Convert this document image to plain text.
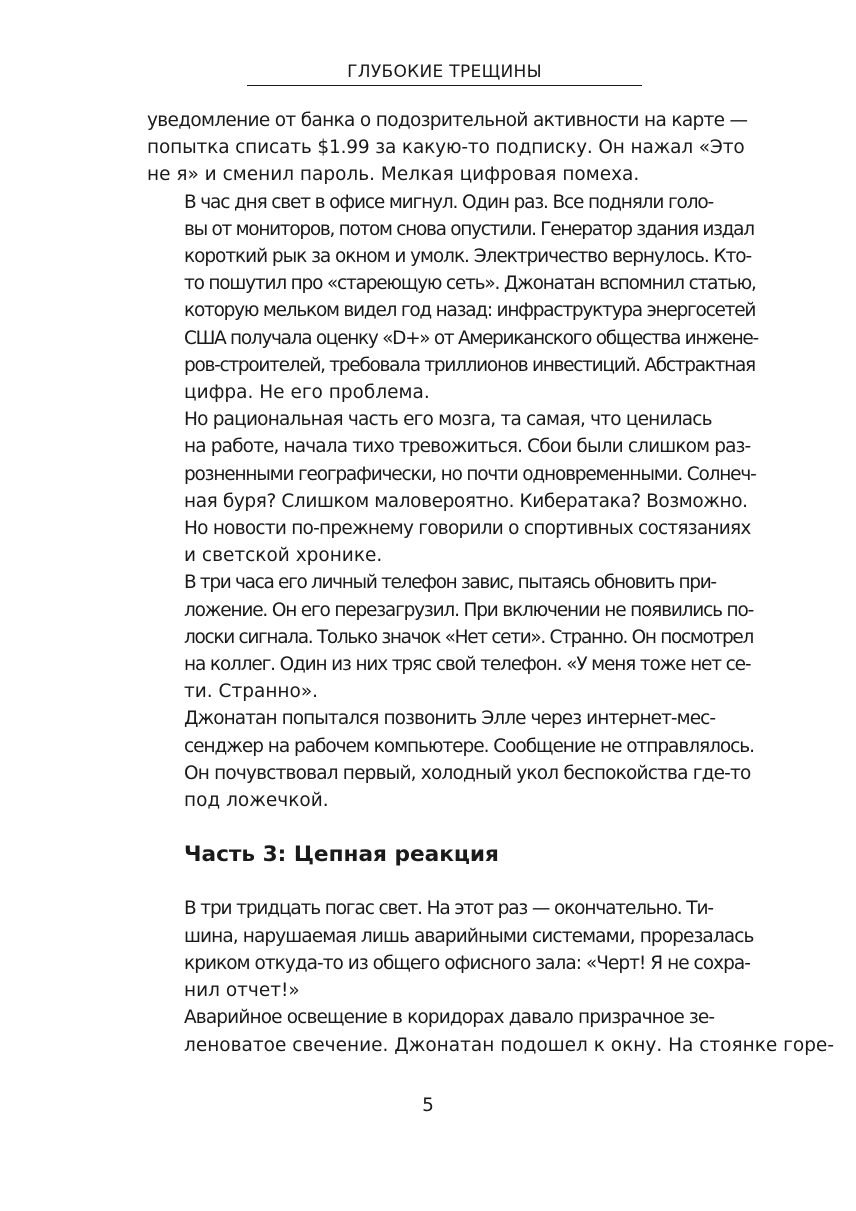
ГЛУБОКИЕ ТРЕЩИНЫ

уведомление от банка о подозрительной активности на карте —
попытка списать $1.99 за какую-то подписку. Он нажал «Это
не я» и сменил пароль. Мелкая цифровая помеха.

В час дня свет в офисе мигнул. Один раз. Все подняли голо-
вы от мониторов, потом снова опустили. Генератор здания издал
короткий рык за окном и умолк. Электричество вернулось. Кто-
то пошутил про «стареющую сеть». Джонатан вспомнил статью,
которую мельком видел год назад: инфраструктура энергосетей
США получала оценку «D+» от Американского общества инжене-
ров-строителей, требовала триллионов инвестиций. Абстрактная
цифра. Не его проблема.

Но рациональная часть его мозга, та самая, что ценилась
на работе, начала тихо тревожиться. Сбои были слишком раз-
розненными географически, но почти одновременными. Солнеч-
ная буря? Слишком маловероятно. Кибератака? Возможно.
Но новости по-прежнему говорили о спортивных состязаниях
и светской хронике.

В три часа его личный телефон завис, пытаясь обновить при-
ложение. Он его перезагрузил. При включении не появились по-
лоски сигнала. Только значок «Нет сети». Странно. Он посмотрел
на коллег. Один из них тряс свой телефон. «У меня тоже нет се-
ти. Странно».

Джонатан попытался позвонить Элле через интернет-мес-
сенджер на рабочем компьютере. Сообщение не отправлялось.
Он почувствовал первый, холодный укол беспокойства где-то
под ложечкой.

Часть 3: Цепная реакция

В три тридцать погас свет. На этот раз — окончательно. Ти-
шина, нарушаемая лишь аварийными системами, прорезалась
криком откуда-то из общего офисного зала: «Черт! Я не сохра-
нил отчет!»

Аварийное освещение в коридорах давало призрачное зе-
леноватое свечение. Джонатан подошел к окну. На стоянке горе-

5
